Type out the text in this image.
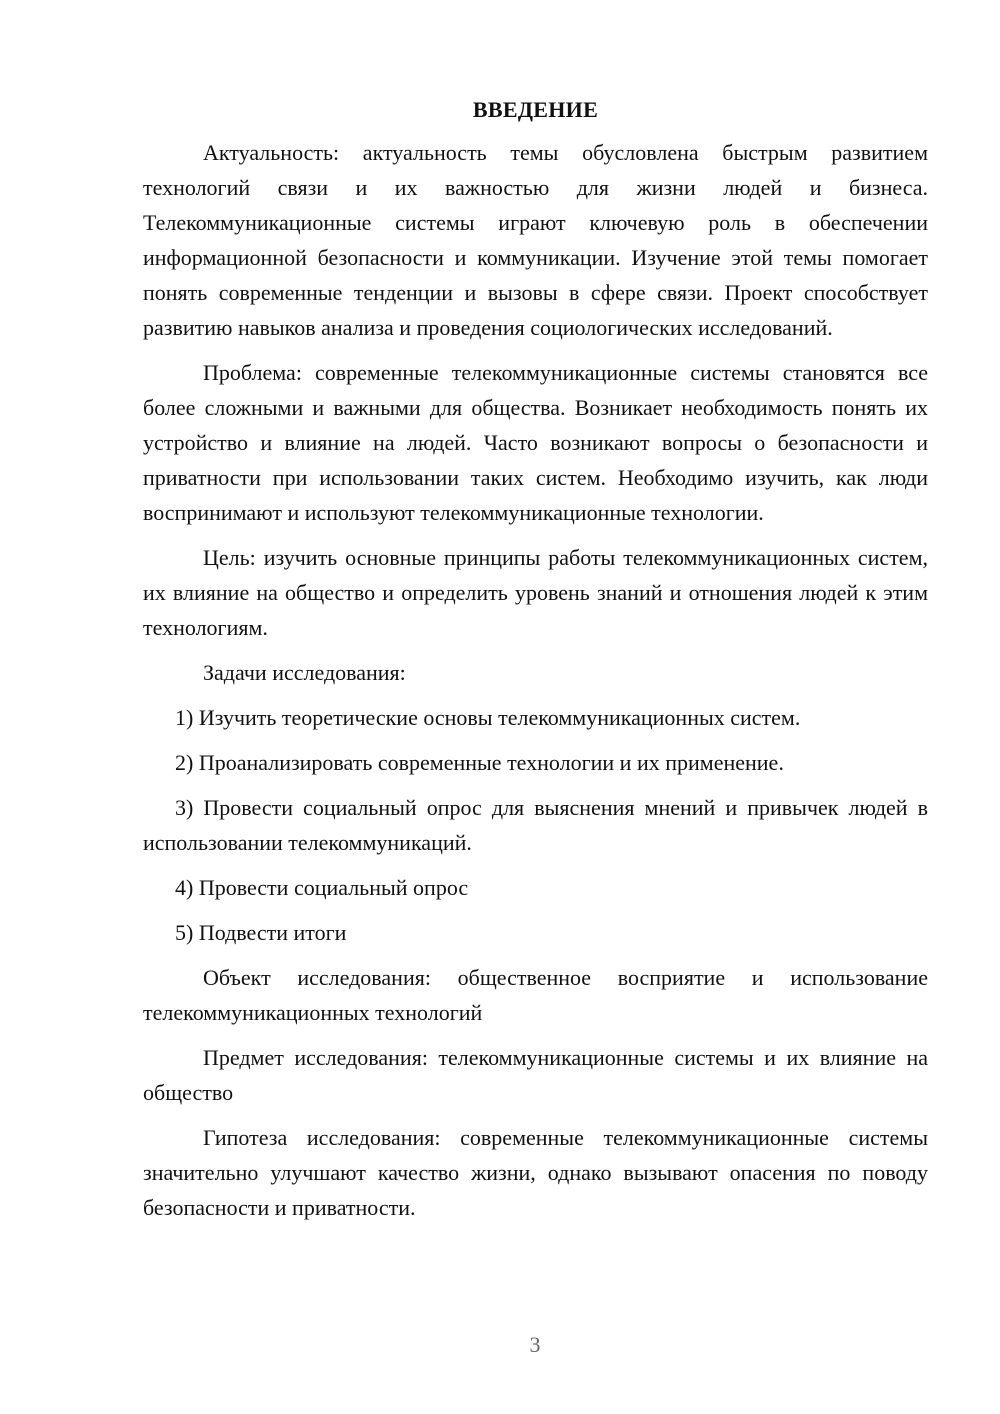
ВВЕДЕНИЕ

Актуальность: актуальность темы обусловлена быстрым развитием технологий связи и их важностью для жизни людей и бизнеса. Телекоммуникационные системы играют ключевую роль в обеспечении информационной безопасности и коммуникации. Изучение этой темы помогает понять современные тенденции и вызовы в сфере связи. Проект способствует развитию навыков анализа и проведения социологических исследований.

Проблема: современные телекоммуникационные системы становятся все более сложными и важными для общества. Возникает необходимость понять их устройство и влияние на людей. Часто возникают вопросы о безопасности и приватности при использовании таких систем. Необходимо изучить, как люди воспринимают и используют телекоммуникационные технологии.

Цель: изучить основные принципы работы телекоммуникационных систем, их влияние на общество и определить уровень знаний и отношения людей к этим технологиям.

Задачи исследования:

1) Изучить теоретические основы телекоммуникационных систем.

2) Проанализировать современные технологии и их применение.

3) Провести социальный опрос для выяснения мнений и привычек людей в использовании телекоммуникаций.

4) Провести социальный опрос

5) Подвести итоги

Объект исследования: общественное восприятие и использование телекоммуникационных технологий

Предмет исследования: телекоммуникационные системы и их влияние на общество

Гипотеза исследования: современные телекоммуникационные системы значительно улучшают качество жизни, однако вызывают опасения по поводу безопасности и приватности.

3
